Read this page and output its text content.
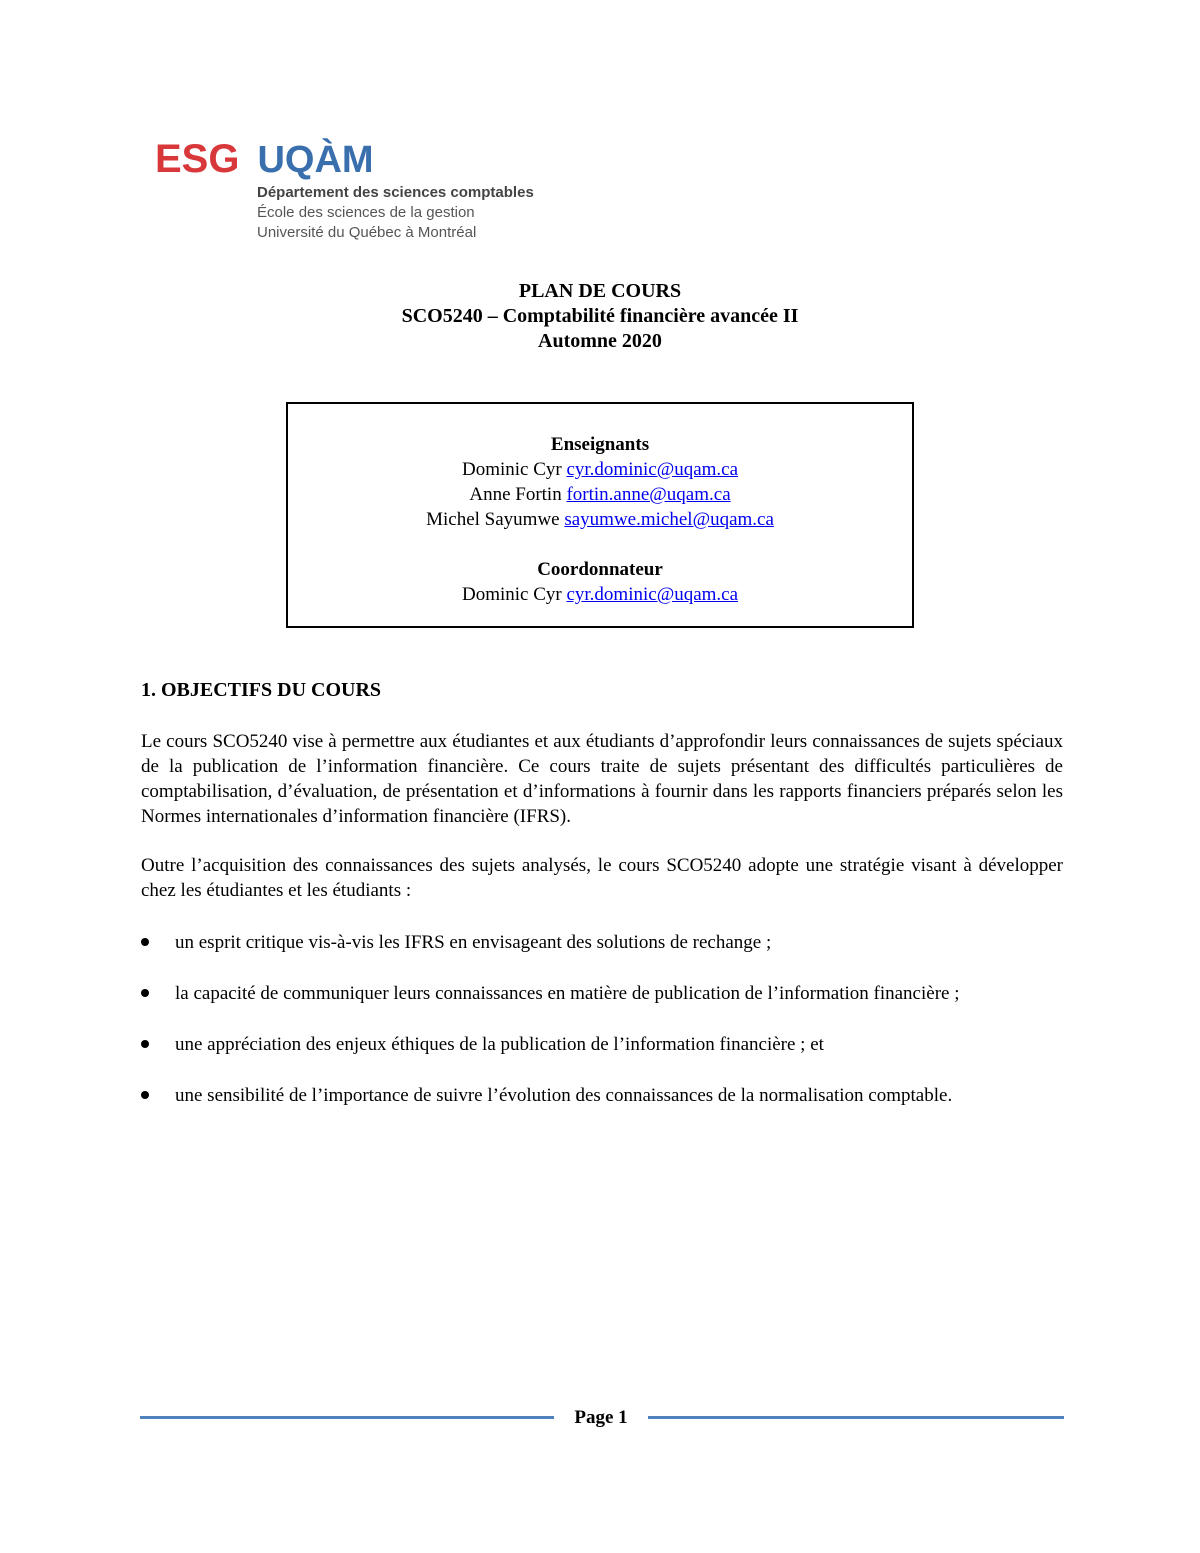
ESG UQÀM
Département des sciences comptables
École des sciences de la gestion
Université du Québec à Montréal
PLAN DE COURS
SCO5240 – Comptabilité financière avancée II
Automne 2020
Enseignants
Dominic Cyr cyr.dominic@uqam.ca
Anne Fortin fortin.anne@uqam.ca
Michel Sayumwe sayumwe.michel@uqam.ca
Coordonnateur
Dominic Cyr cyr.dominic@uqam.ca
1. OBJECTIFS DU COURS
Le cours SCO5240 vise à permettre aux étudiantes et aux étudiants d’approfondir leurs connaissances de sujets spéciaux de la publication de l’information financière. Ce cours traite de sujets présentant des difficultés particulières de comptabilisation, d’évaluation, de présentation et d’informations à fournir dans les rapports financiers préparés selon les Normes internationales d’information financière (IFRS).
Outre l’acquisition des connaissances des sujets analysés, le cours SCO5240 adopte une stratégie visant à développer chez les étudiantes et les étudiants :
un esprit critique vis-à-vis les IFRS en envisageant des solutions de rechange ;
la capacité de communiquer leurs connaissances en matière de publication de l’information financière ;
une appréciation des enjeux éthiques de la publication de l’information financière ; et
une sensibilité de l’importance de suivre l’évolution des connaissances de la normalisation comptable.
Page 1
